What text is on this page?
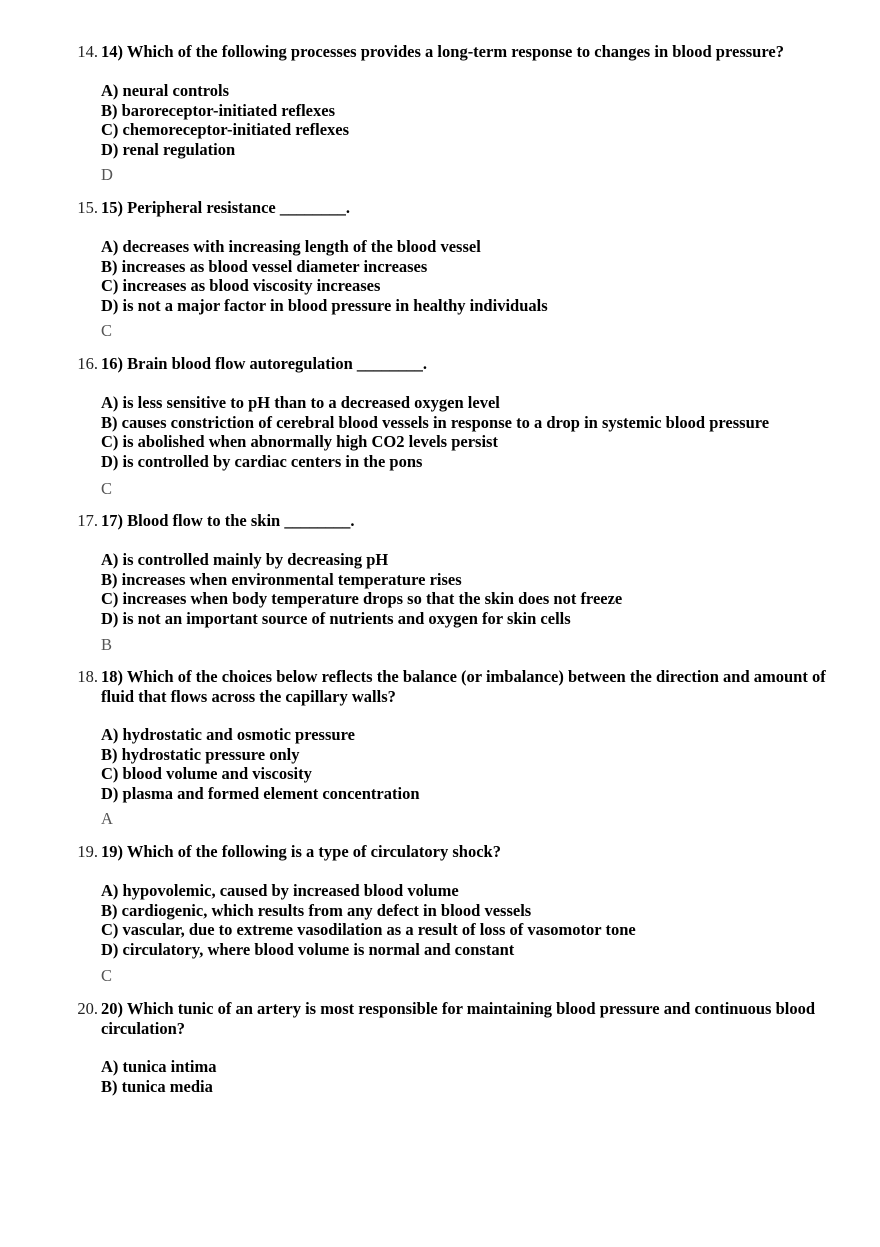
14. 14) Which of the following processes provides a long-term response to changes in blood pressure?
A) neural controls
B) baroreceptor-initiated reflexes
C) chemoreceptor-initiated reflexes
D) renal regulation
D
15. 15) Peripheral resistance ________.
A) decreases with increasing length of the blood vessel
B) increases as blood vessel diameter increases
C) increases as blood viscosity increases
D) is not a major factor in blood pressure in healthy individuals
C
16. 16) Brain blood flow autoregulation ________.
A) is less sensitive to pH than to a decreased oxygen level
B) causes constriction of cerebral blood vessels in response to a drop in systemic blood pressure
C) is abolished when abnormally high CO2 levels persist
D) is controlled by cardiac centers in the pons
C
17. 17) Blood flow to the skin ________.
A) is controlled mainly by decreasing pH
B) increases when environmental temperature rises
C) increases when body temperature drops so that the skin does not freeze
D) is not an important source of nutrients and oxygen for skin cells
B
18. 18) Which of the choices below reflects the balance (or imbalance) between the direction and amount of fluid that flows across the capillary walls?
A) hydrostatic and osmotic pressure
B) hydrostatic pressure only
C) blood volume and viscosity
D) plasma and formed element concentration
A
19. 19) Which of the following is a type of circulatory shock?
A) hypovolemic, caused by increased blood volume
B) cardiogenic, which results from any defect in blood vessels
C) vascular, due to extreme vasodilation as a result of loss of vasomotor tone
D) circulatory, where blood volume is normal and constant
C
20. 20) Which tunic of an artery is most responsible for maintaining blood pressure and continuous blood circulation?
A) tunica intima
B) tunica media
